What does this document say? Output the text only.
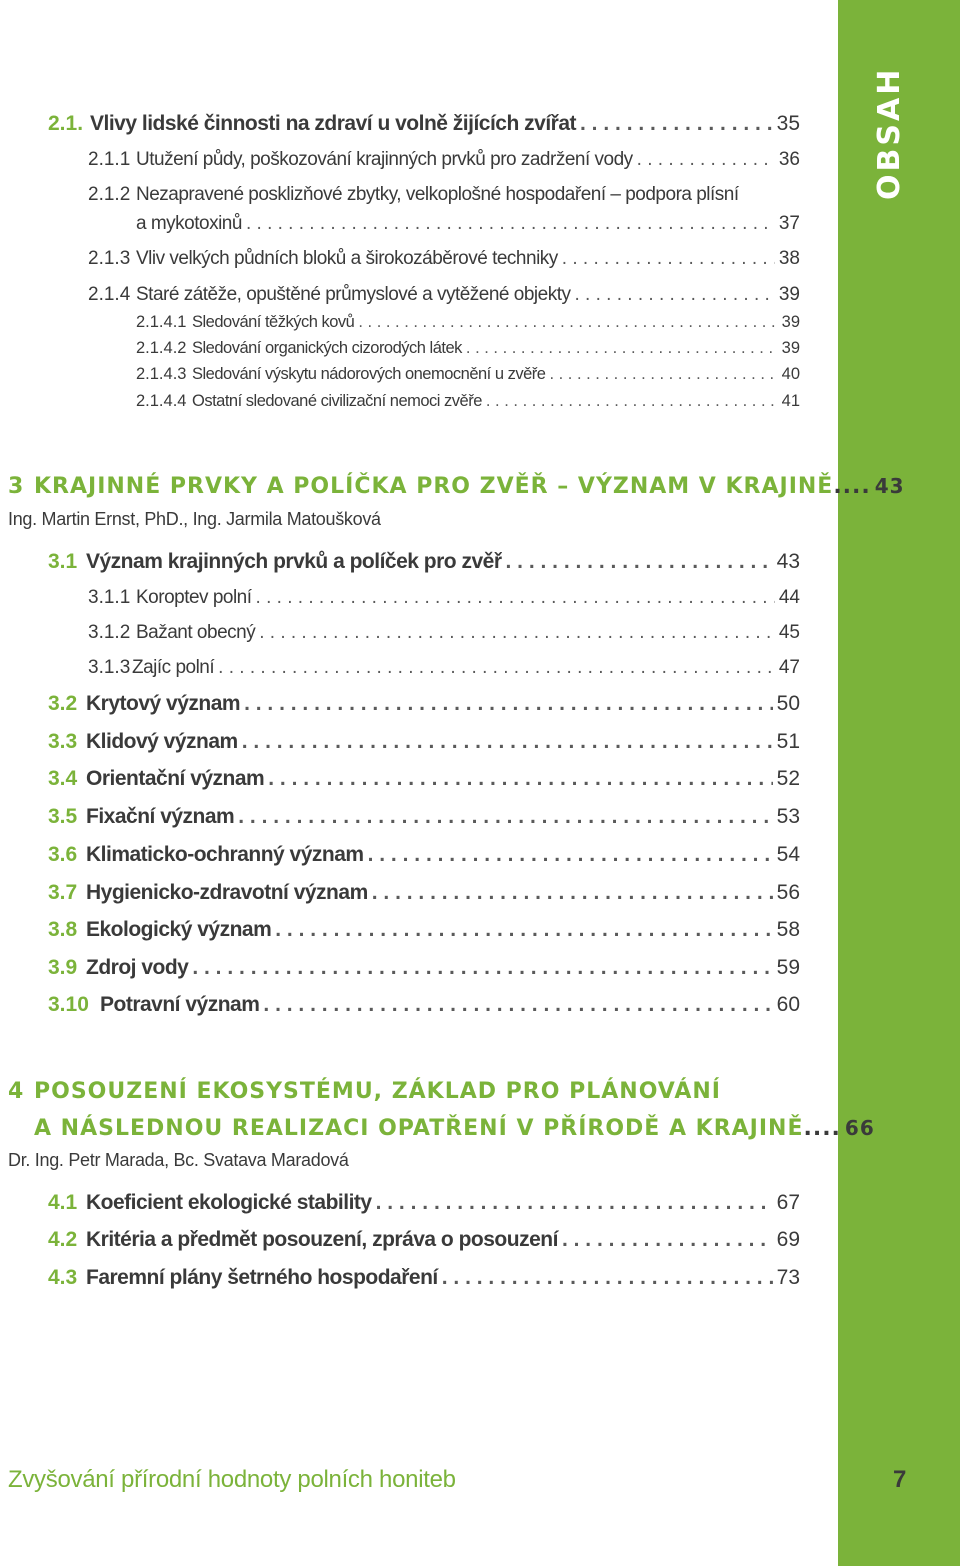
OBSAH
2.1. Vlivy lidské činnosti na zdraví u volně žijících zvířat . . .	35
2.1.1 Utužení půdy, poškozování krajinných prvků pro zadržení vody . . .	36
2.1.2 Nezapravené posklizňové zbytky, velkoplošné hospodaření – podpora plísní
a mykotoxinů . . .	37
2.1.3 Vliv velkých půdních bloků a širokozáběrové techniky . . .	38
2.1.4 Staré zátěže, opuštěné průmyslové a vytěžené objekty . . .	39
2.1.4.1 Sledování těžkých kovů . . .	39
2.1.4.2 Sledování organických cizorodých látek . . .	39
2.1.4.3 Sledování výskytu nádorových onemocnění u zvěře . . .	40
2.1.4.4 Ostatní sledované civilizační nemoci zvěře . . .	41
3 KRAJINNÉ PRVKY A POLÍČKA PRO ZVĚŘ – VÝZNAM V KRAJINĚ.... 43
Ing. Martin Ernst, PhD., Ing. Jarmila Matoušková
3.1 Význam krajinných prvků a políček pro zvěř . . .	43
3.1.1 Koroptev polní . . .	44
3.1.2 Bažant obecný . . .	45
3.1.3 Zajíc polní . . .	47
3.2 Krytový význam . . .	50
3.3 Klidový význam . . .	51
3.4 Orientační význam . . .	52
3.5 Fixační význam . . .	53
3.6 Klimaticko-ochranný význam . . .	54
3.7 Hygienicko-zdravotní význam . . .	56
3.8 Ekologický význam . . .	58
3.9 Zdroj vody . . .	59
3.10 Potravní význam . . .	60
4 POSOUZENÍ EKOSYSTÉMU, ZÁKLAD PRO PLÁNOVÁNÍ
A NÁSLEDNOU REALIZACI OPATŘENÍ V PŘÍRODĚ A KRAJINĚ.... 66
Dr. Ing. Petr Marada, Bc. Svatava Maradová
4.1 Koeficient ekologické stability . . .	67
4.2 Kritéria a předmět posouzení, zpráva o posouzení . . .	69
4.3 Faremní plány šetrného hospodaření . . .	73
Zvyšování přírodní hodnoty polních honiteb	7
